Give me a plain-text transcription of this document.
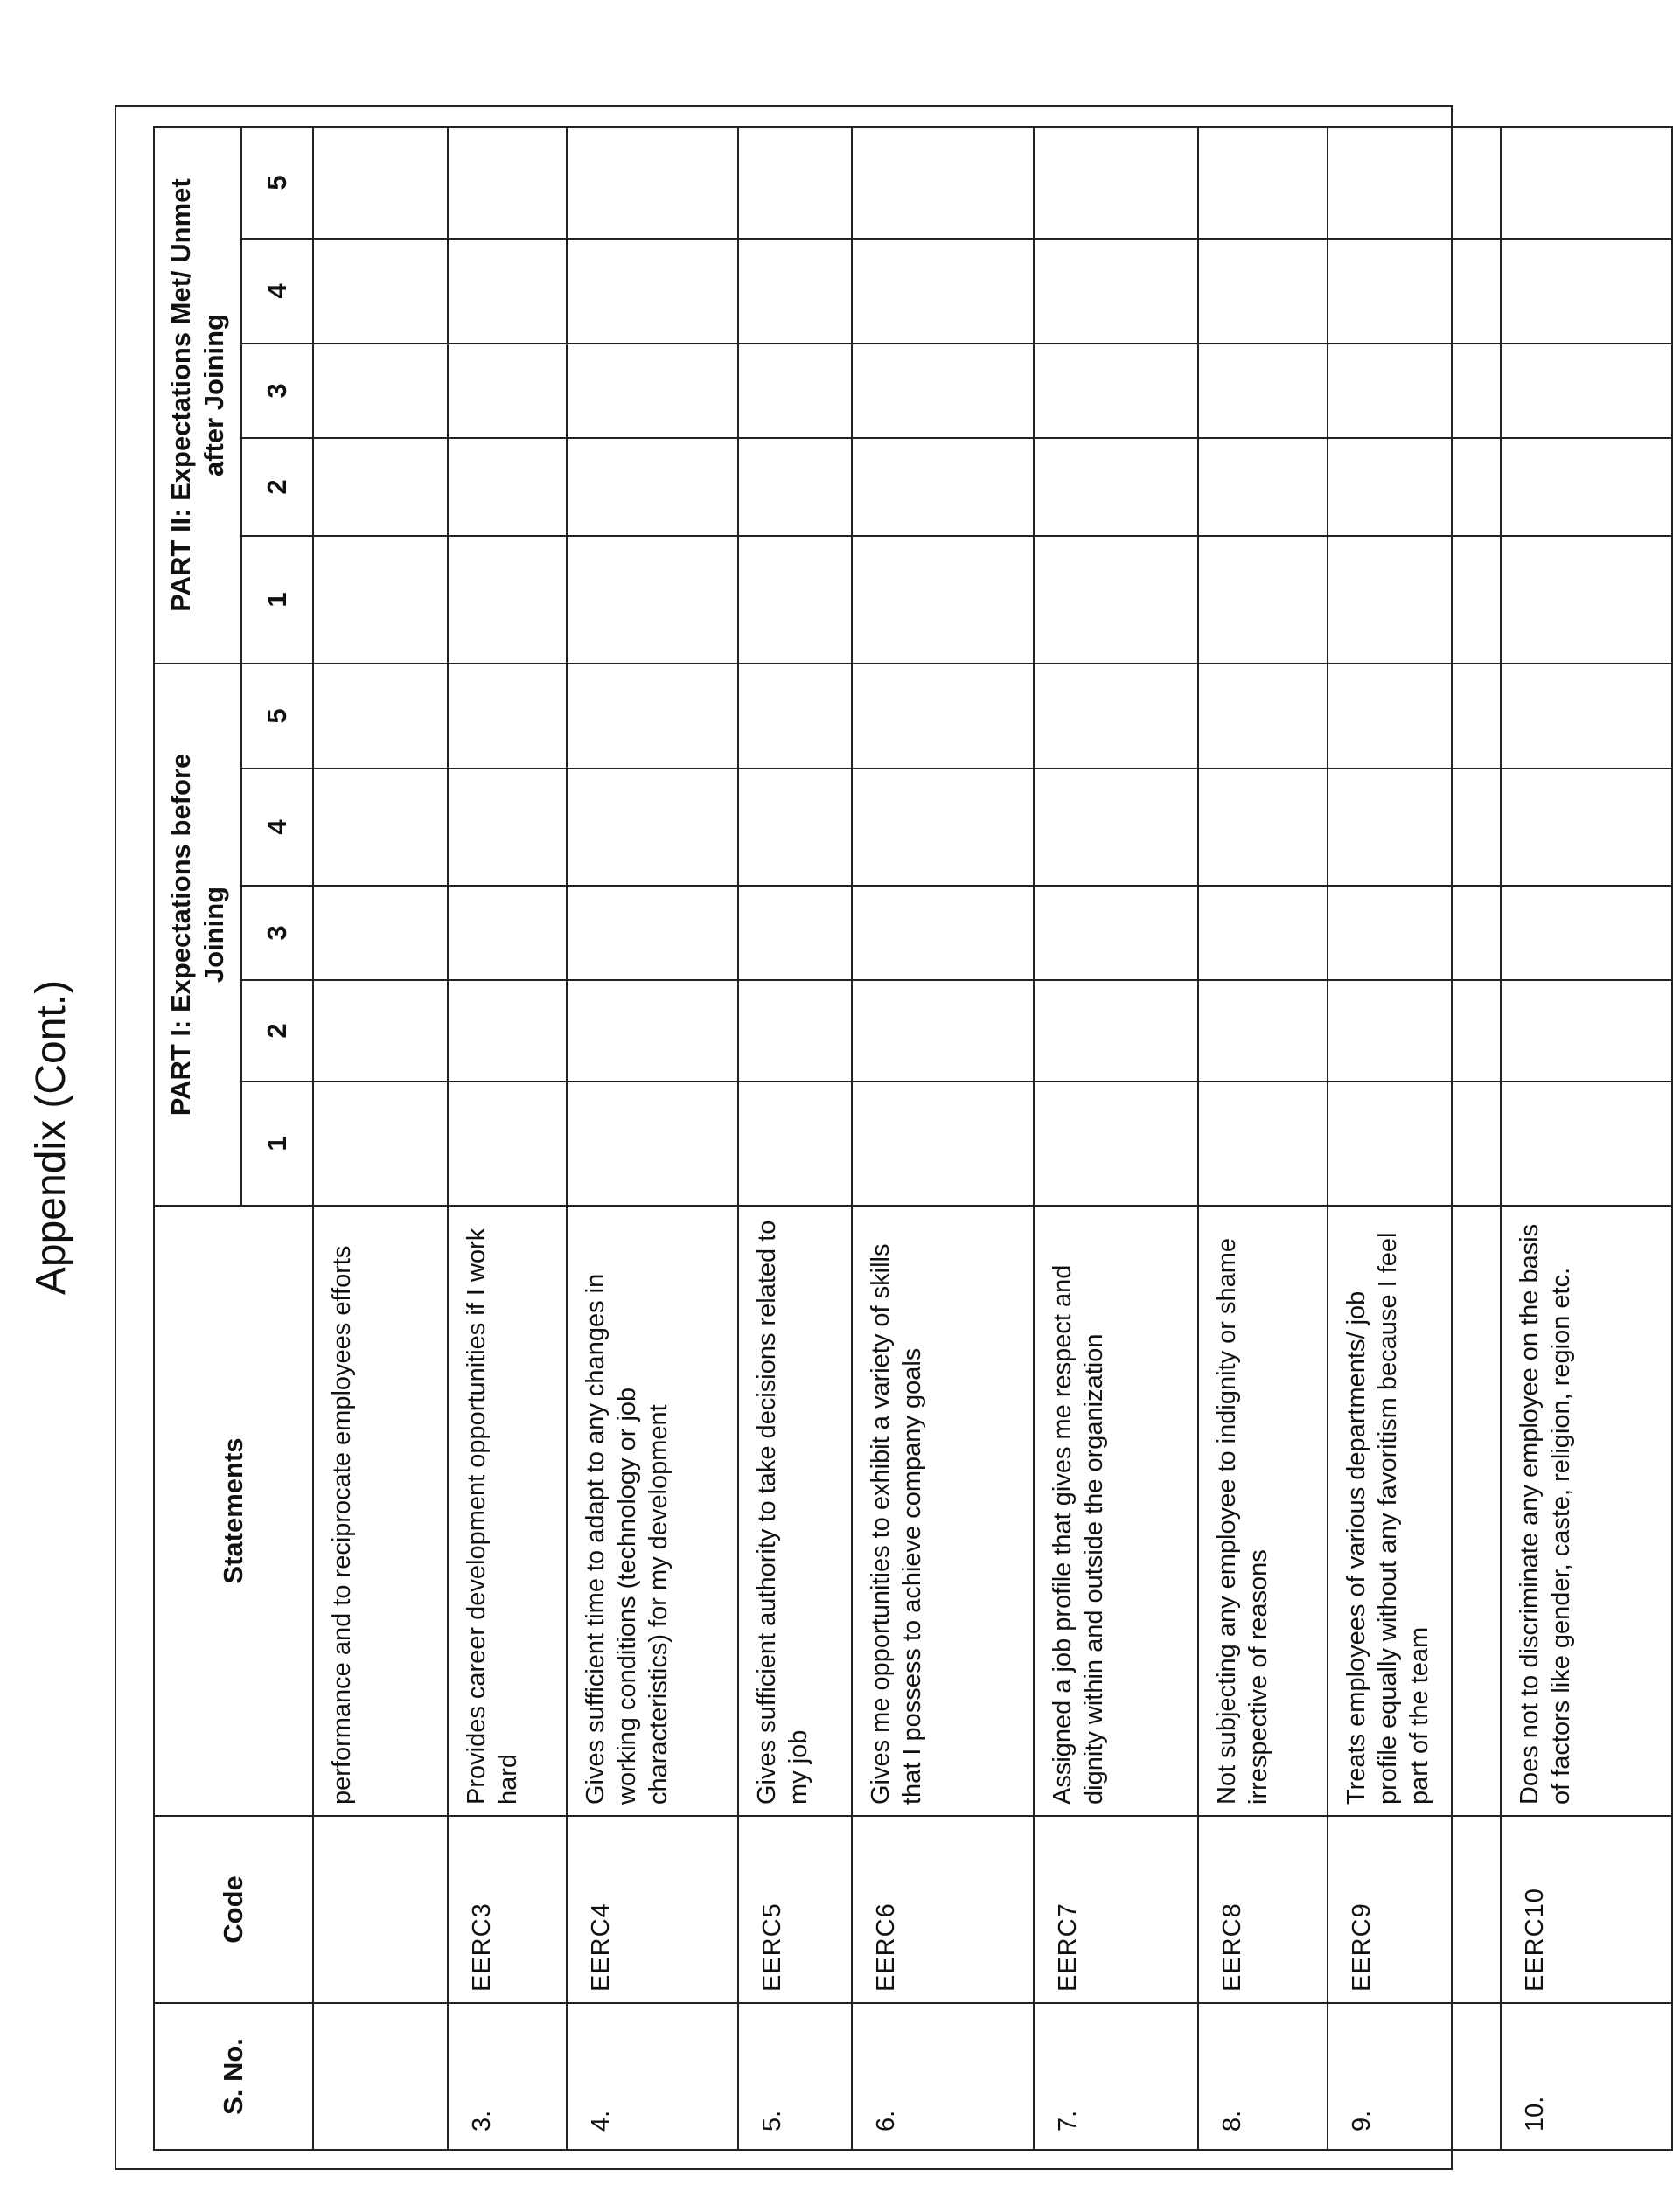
Appendix (Cont.)
S. No.	Code	Statements	PART I: Expectations before Joining					PART II: Expectations Met/ Unmet after Joining				
			1	2	3	4	5	1	2	3	4	5
		performance and to reciprocate employees efforts										
3.	EERC3	Provides career development opportunities if I work hard										
4.	EERC4	Gives sufficient time to adapt to any changes in working conditions (technology or job characteristics) for my development										
5.	EERC5	Gives sufficient authority to take decisions related to my job										
6.	EERC6	Gives me opportunities to exhibit a variety of skills that I possess to achieve company goals										
7.	EERC7	Assigned a job profile that gives me respect and dignity within and outside the organization										
8.	EERC8	Not subjecting any employee to indignity or shame irrespective of reasons										
9.	EERC9	Treats employees of various departments/ job profile equally without any favoritism because I feel part of the team										
10.	EERC10	Does not to discriminate any employee on the basis of factors like gender, caste, religion, region etc.										
